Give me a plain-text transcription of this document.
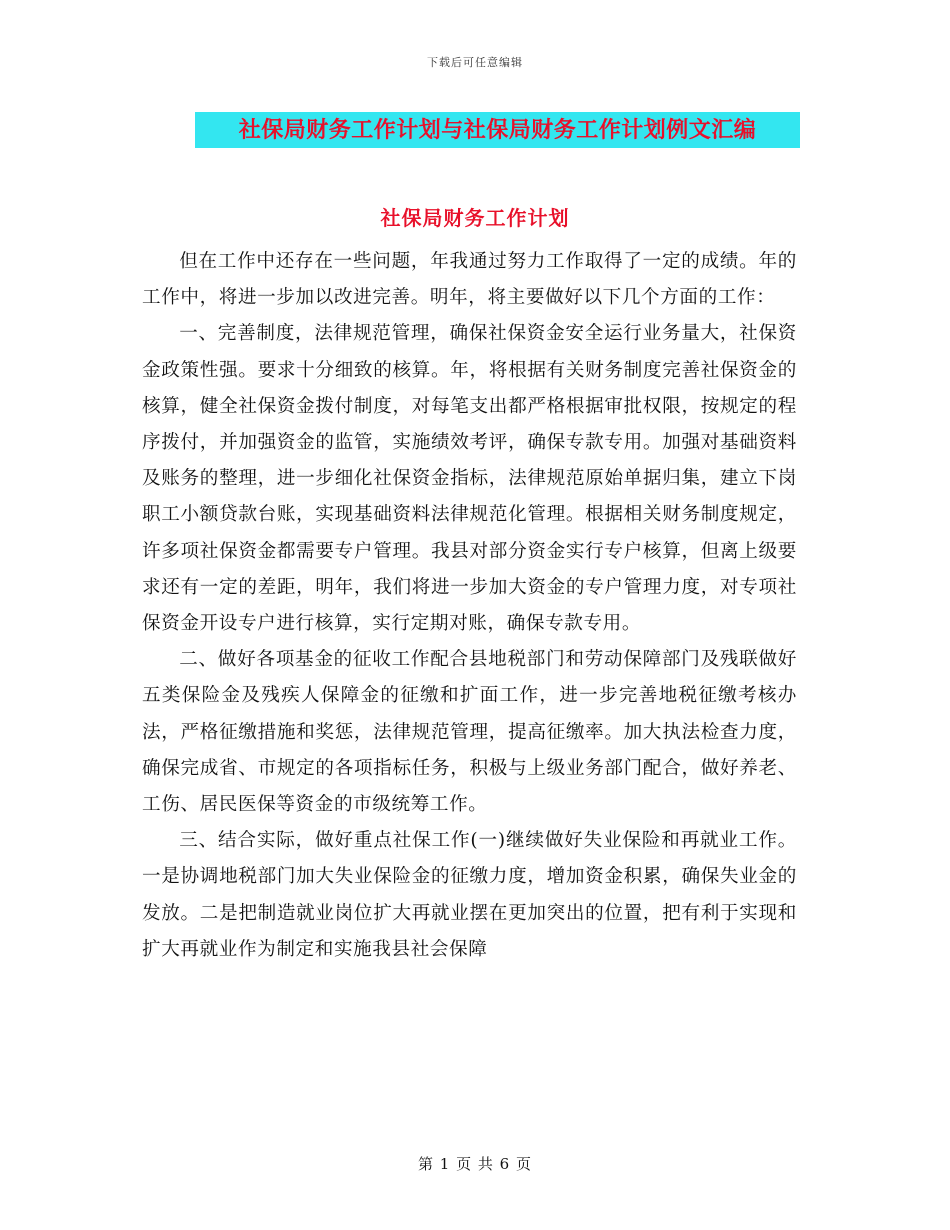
下载后可任意编辑
社保局财务工作计划与社保局财务工作计划例文汇编
社保局财务工作计划

但在工作中还存在一些问题，年我通过努力工作取得了一定的成绩。年的工作中，将进一步加以改进完善。明年，将主要做好以下几个方面的工作：

一、完善制度，法律规范管理，确保社保资金安全运行业务量大，社保资金政策性强。要求十分细致的核算。年，将根据有关财务制度完善社保资金的核算，健全社保资金拨付制度，对每笔支出都严格根据审批权限，按规定的程序拨付，并加强资金的监管，实施绩效考评，确保专款专用。加强对基础资料及账务的整理，进一步细化社保资金指标，法律规范原始单据归集，建立下岗职工小额贷款台账，实现基础资料法律规范化管理。根据相关财务制度规定，许多项社保资金都需要专户管理。我县对部分资金实行专户核算，但离上级要求还有一定的差距，明年，我们将进一步加大资金的专户管理力度，对专项社保资金开设专户进行核算，实行定期对账，确保专款专用。

二、做好各项基金的征收工作配合县地税部门和劳动保障部门及残联做好五类保险金及残疾人保障金的征缴和扩面工作，进一步完善地税征缴考核办法，严格征缴措施和奖惩，法律规范管理，提高征缴率。加大执法检查力度，确保完成省、市规定的各项指标任务，积极与上级业务部门配合，做好养老、工伤、居民医保等资金的市级统筹工作。

三、结合实际，做好重点社保工作(一)继续做好失业保险和再就业工作。一是协调地税部门加大失业保险金的征缴力度，增加资金积累，确保失业金的发放。二是把制造就业岗位扩大再就业摆在更加突出的位置，把有利于实现和扩大再就业作为制定和实施我县社会保障

第 1 页 共 6 页
